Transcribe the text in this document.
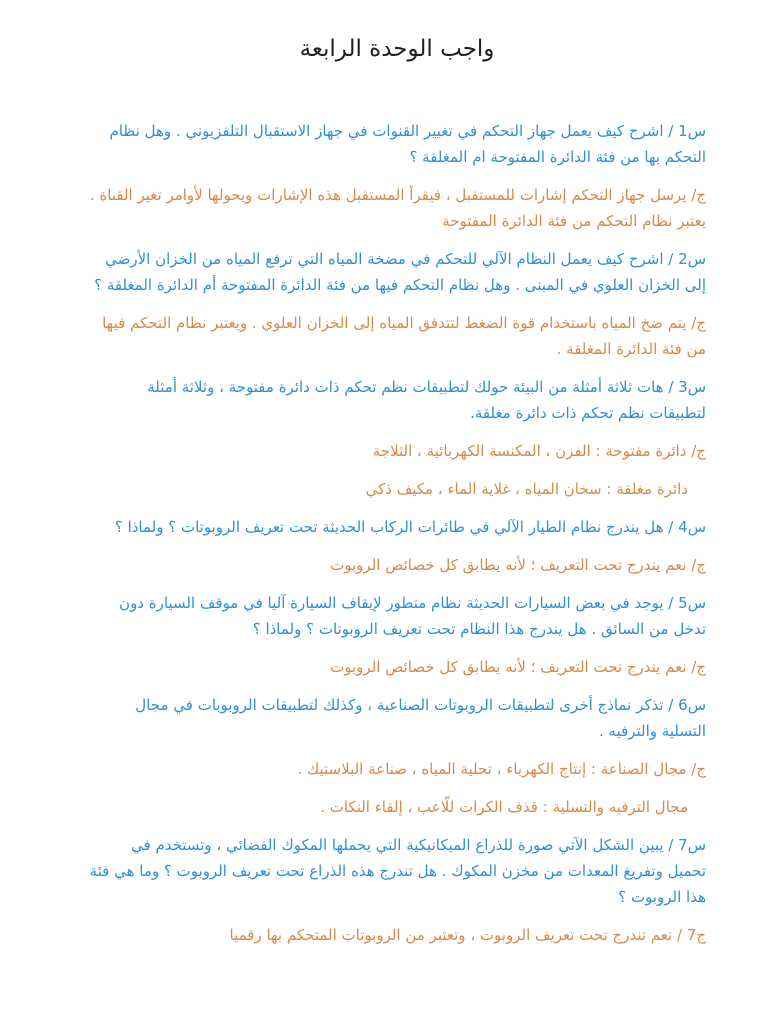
واجب الوحدة الرابعة

س1 / اشرح كيف يعمل جهاز التحكم في تغيير القنوات في جهاز الاستقبال التلفزيوني . وهل نظام التحكم بها من فئة الدائرة المفتوحة ام المغلقة ؟

ج/ يرسل جهاز التحكم إشارات للمستقبل ، فيقرأ المستقبل هذه الإشارات ويحولها لأوامر تغير القناة . يعتبر نظام التحكم من فئة الدائرة المفتوحة

س2 / اشرح كيف يعمل النظام الآلي للتحكم في مضخة المياه التي ترفع المياه من الخزان الأرضي إلى الخزان العلوي في المبنى . وهل نظام التحكم فيها من فئة الدائرة المفتوحة أم الدائرة المغلقة ؟

ج/ يتم ضخ المياه باستخدام قوة الضغط لتتدفق المياه إلى الخزان العلوي . ويعتبر نظام التحكم فيها من فئة الدائرة المغلقة .

س3 / هات ثلاثة أمثلة من البيئة حولك لتطبيقات نظم تحكم ذات دائرة مفتوحة ، وثلاثة أمثلة لتطبيقات نظم تحكم ذات دائرة مغلقة.

ج/ دائرة مفتوحة : الفرن ، المكنسة الكهربائية ، الثلاجة

دائرة مغلقة : سخان المياه ، غلاية الماء ، مكيف ذكي

س4 / هل يندرج نظام الطيار الآلي في طائرات الركاب الحديثة تحت تعريف الروبوتات ؟ ولماذا ؟

ج/ نعم يندرج تحت التعريف ؛ لأنه يطابق كل خصائص الروبوت

س5 / يوجد في بعض السيارات الحديثة نظام متطور لإيقاف السيارة آليا في موقف السيارة دون تدخل من السائق . هل يندرج هذا النظام تحت تعريف الروبوتات ؟ ولماذا ؟

ج/ نعم يندرج تحت التعريف ؛ لأنه يطابق كل خصائص الروبوت

س6 / تذكر نماذج أخرى لتطبيقات الروبوتات الصناعية ، وكذلك لتطبيقات الروبوبات في مجال التسلية والترفيه .

ج/ مجال الصناعة : إنتاج الكهرباء ، تحلية المياه ، صناعة البلاستيك .

مجال الترفيه والتسلية : قذف الكرات للّاعب ، إلقاء النكات .

س7 / يبين الشكل الآتي صورة للذراع الميكانيكية التي يحملها المكوك الفضائي ، وتستخدم في تحميل وتفريغ المعدات من مخزن المكوك . هل تندرج هذه الذراع تحت تعريف الروبوت ؟ وما هي فئة هذا الروبوت ؟

ج7 / نعم تندرج تحت تعريف الروبوت ، وتعتبر من الروبوتات المتحكم بها رقميا
